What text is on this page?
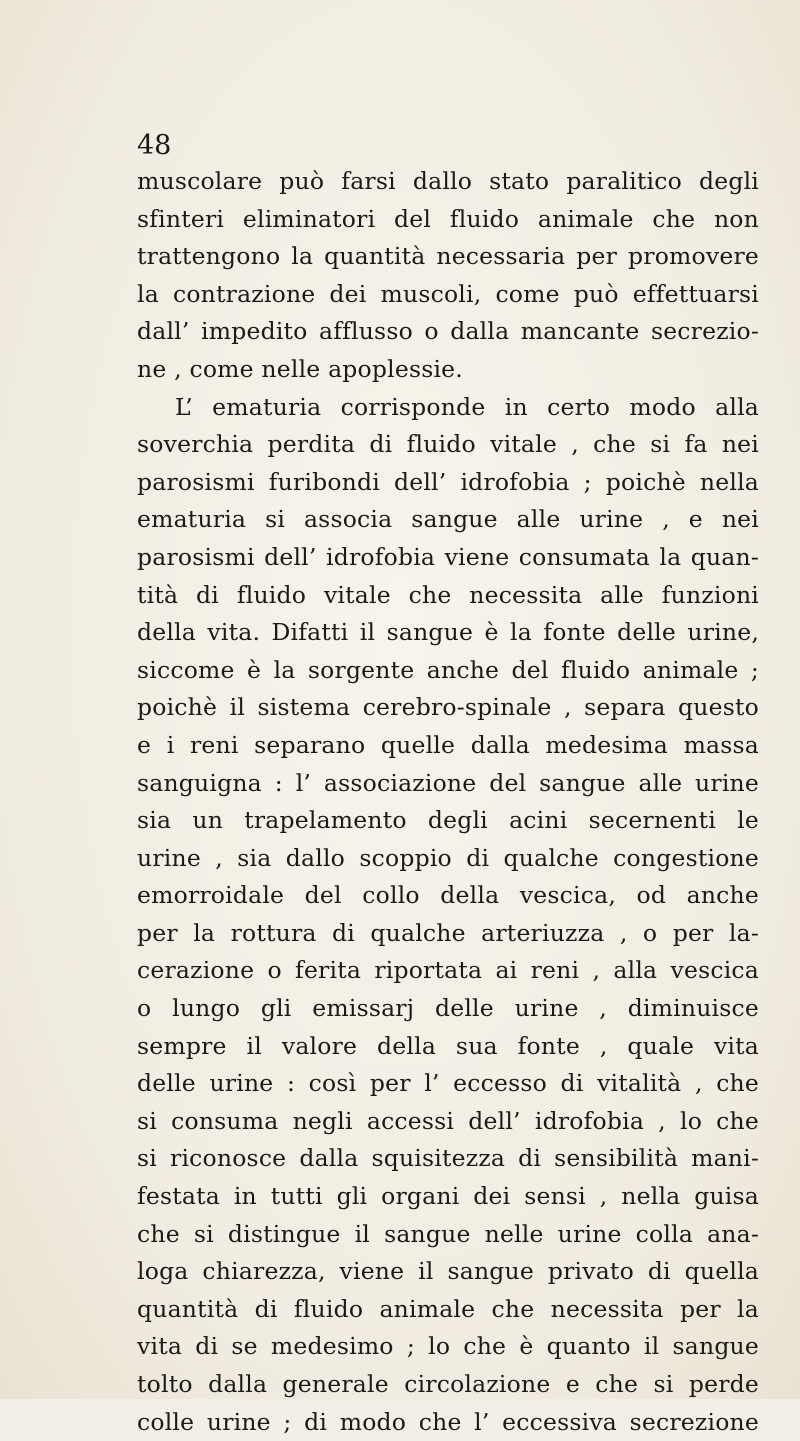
48
muscolare può farsi dallo stato paralitico degli
sfinteri eliminatori del fluido animale che non
trattengono la quantità necessaria per promovere
la contrazione dei muscoli, come può effettuarsi
dall’ impedito afflusso o dalla mancante secrezio-
ne , come nelle apoplessie.
L’ ematuria corrisponde in certo modo alla
soverchia perdita di fluido vitale , che si fa nei
parosismi furibondi dell’ idrofobia ; poichè nella
ematuria si associa sangue alle urine , e nei
parosismi dell’ idrofobia viene consumata la quan-
tità di fluido vitale che necessita alle funzioni
della vita. Difatti il sangue è la fonte delle urine,
siccome è la sorgente anche del fluido animale ;
poichè il sistema cerebro-spinale , separa questo
e i reni separano quelle dalla medesima massa
sanguigna : l’ associazione del sangue alle urine
sia un trapelamento degli acini secernenti le
urine , sia dallo scoppio di qualche congestione
emorroidale del collo della vescica, od anche
per la rottura di qualche arteriuzza , o per la-
cerazione o ferita riportata ai reni , alla vescica
o lungo gli emissarj delle urine , diminuisce
sempre il valore della sua fonte , quale vita
delle urine : così per l’ eccesso di vitalità , che
si consuma negli accessi dell’ idrofobia , lo che
si riconosce dalla squisitezza di sensibilità mani-
festata in tutti gli organi dei sensi , nella guisa
che si distingue il sangue nelle urine colla ana-
loga chiarezza, viene il sangue privato di quella
quantità di fluido animale che necessita per la
vita di se medesimo ; lo che è quanto il sangue
tolto dalla generale circolazione e che si perde
colle urine ; di modo che l’ eccessiva secrezione
